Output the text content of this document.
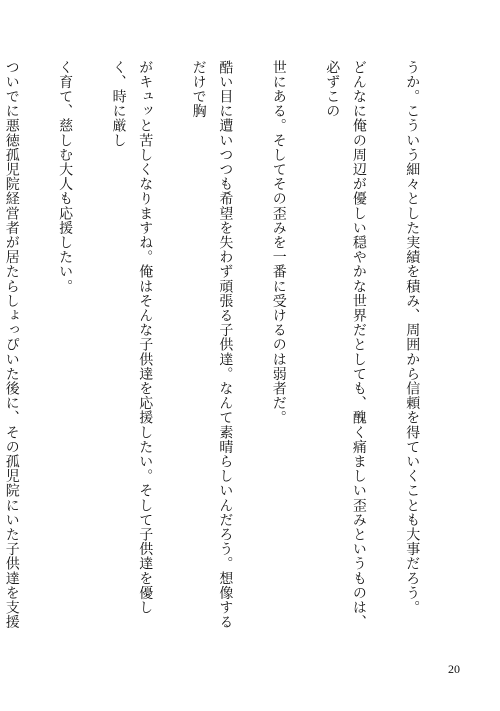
うか。こういう細々とした実績を積み、周囲から信頼を得ていくことも大事だろう。

どんなに俺の周辺が優しい穏やかな世界だとしても、醜く痛ましい歪みというものは、必ずこの

世にある。そしてその歪みを一番に受けるのは弱者だ。

酷い目に遭いつつも希望を失わず頑張る子供達。なんて素晴らしいんだろう。想像するだけで胸

がキュッと苦しくなりますね。俺はそんな子供達を応援したい。そして子供達を優しく、時に厳し

く育て、慈しむ大人も応援したい。

ついでに悪徳孤児院経営者が居たらしょっぴいた後に、その孤児院にいた子供達を支援

20
